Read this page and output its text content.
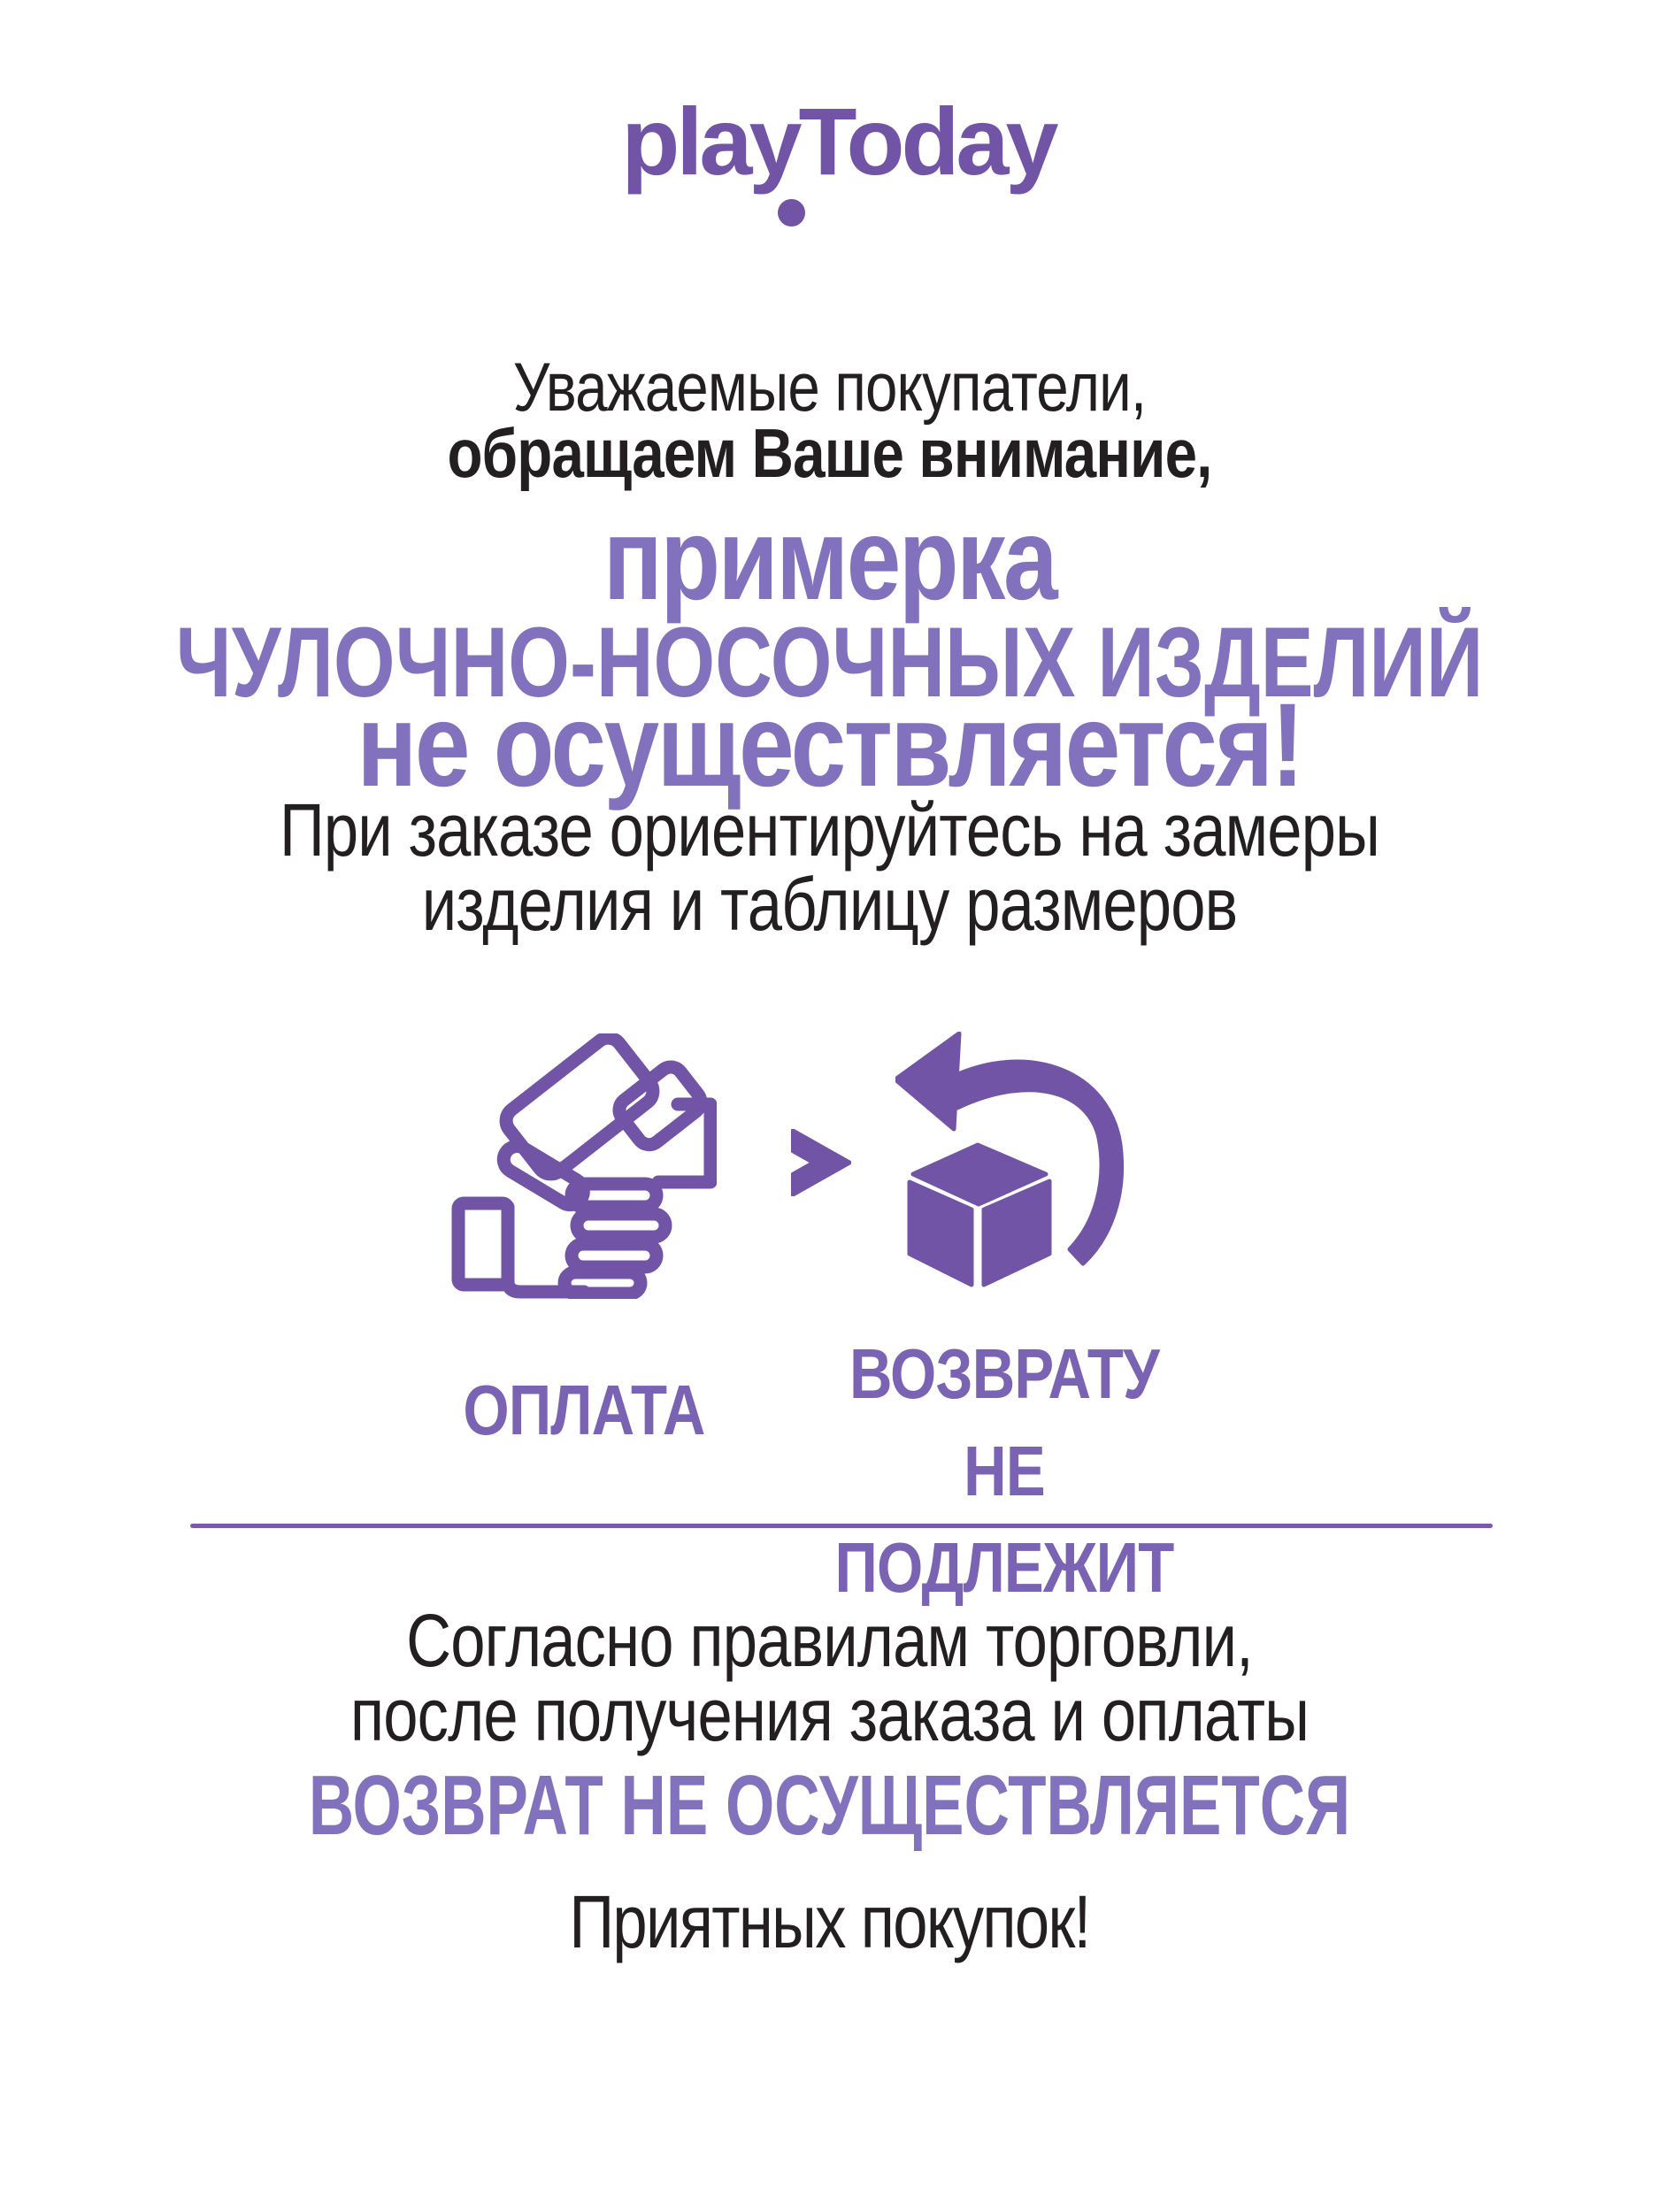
playToday
Уважаемые покупатели,
обращаем Ваше внимание,
примерка
ЧУЛОЧНО-НОСОЧНЫХ ИЗДЕЛИЙ
не осуществляется!
При заказе ориентируйтесь на замеры
изделия и таблицу размеров
ОПЛАТА	ВОЗВРАТУ
НЕ ПОДЛЕЖИТ
Согласно правилам торговли,
после получения заказа и оплаты
ВОЗВРАТ НЕ ОСУЩЕСТВЛЯЕТСЯ
Приятных покупок!
